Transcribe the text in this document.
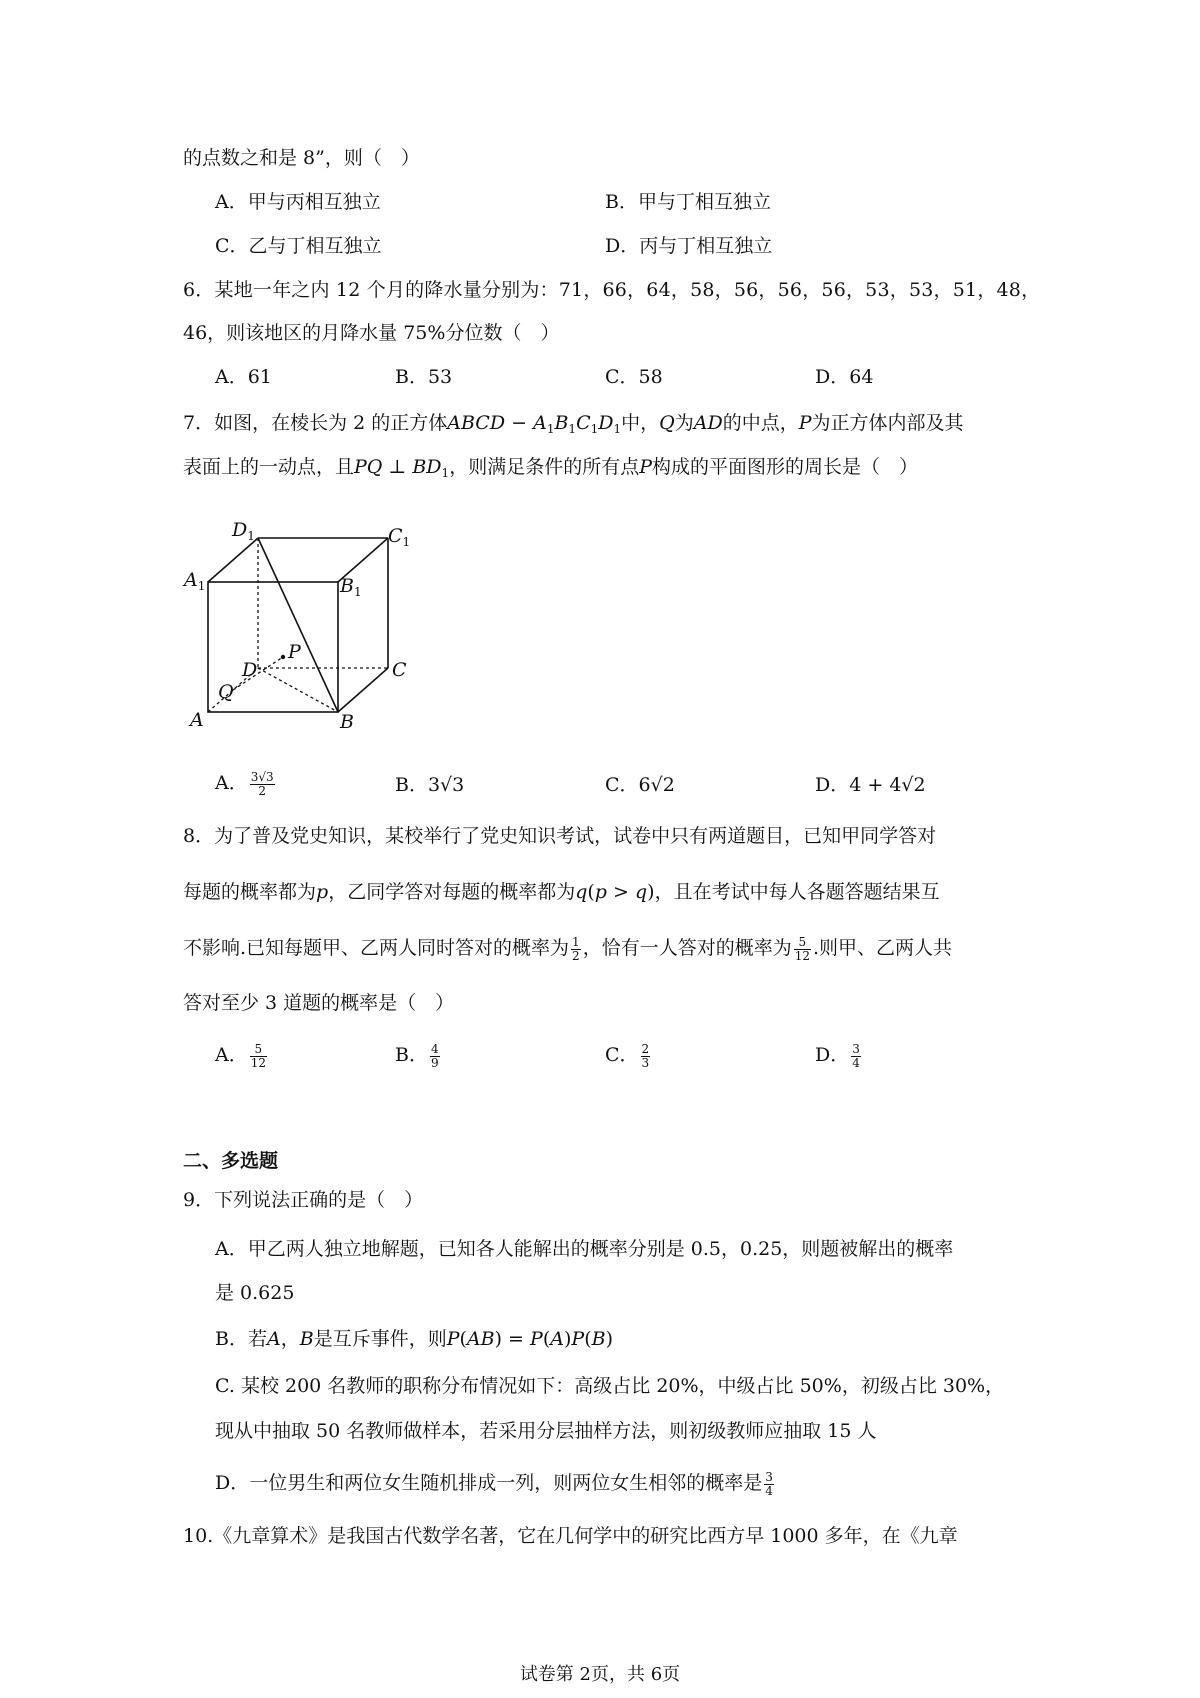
的点数之和是 8”，则（　）
A．甲与丙相互独立	B．甲与丁相互独立
C．乙与丁相互独立	D．丙与丁相互独立
6．某地一年之内 12 个月的降水量分别为：71，66，64，58，56，56，56，53，53，51，48，
46，则该地区的月降水量 75%分位数（　）
A．61	B．53	C．58	D．64
7．如图，在棱长为 2 的正方体ABCD − $A_1B_1C_1D_1$中，Q为AD的中点，P为正方体内部及其
表面上的一动点，且PQ ⊥ $BD_1$，则满足条件的所有点P构成的平面图形的周长是（　）
$D_1$	$C_1$
$A_1$	$B_1$
D	C
A	B
Q
P
A． $\frac{3√3}{2}$	B．3√3	C．6√2	D．4 + 4√2
8．为了普及党史知识，某校举行了党史知识考试，试卷中只有两道题目，已知甲同学答对
每题的概率都为p，乙同学答对每题的概率都为q(p > q)，且在考试中每人各题答题结果互
不影响.已知每题甲、乙两人同时答对的概率为 $\frac{1}{2}$ ，恰有一人答对的概率为 $\frac{5}{12}$ .则甲、乙两人共
答对至少 3 道题的概率是（　）
A． $\frac{5}{12}$	B． $\frac{4}{9}$	C． $\frac{2}{3}$	D． $\frac{3}{4}$
二、多选题
9．下列说法正确的是（　）
A．甲乙两人独立地解题，已知各人能解出的概率分别是 0.5，0.25，则题被解出的概率
是 0.625
B．若A，B是互斥事件，则P(AB) = P(A)P(B)
C. 某校 200 名教师的职称分布情况如下：高级占比 20%，中级占比 50%，初级占比 30%，
现从中抽取 50 名教师做样本，若采用分层抽样方法，则初级教师应抽取 15 人
D．一位男生和两位女生随机排成一列，则两位女生相邻的概率是 $\frac{3}{4}$
10.《九章算术》是我国古代数学名著，它在几何学中的研究比西方早 1000 多年，在《九章
试卷第 2页，共 6页
